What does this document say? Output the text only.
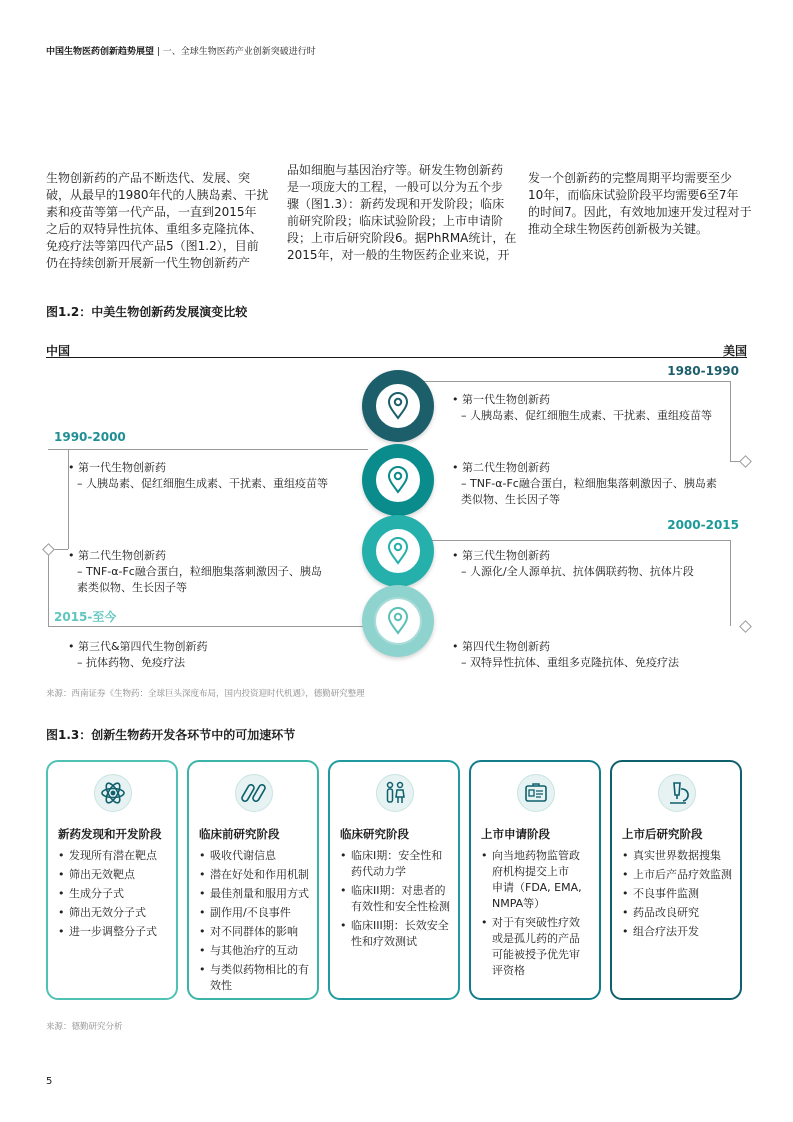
中国生物医药创新趋势展望 | 一、全球生物医药产业创新突破进行时
生物创新药的产品不断迭代、发展、突
破，从最早的1980年代的人胰岛素、干扰
素和疫苗等第一代产品，一直到2015年
之后的双特异性抗体、重组多克隆抗体、
免疫疗法等第四代产品5（图1.2），目前
仍在持续创新开展新一代生物创新药产
品如细胞与基因治疗等。研发生物创新药
是一项庞大的工程，一般可以分为五个步
骤（图1.3）：新药发现和开发阶段；临床
前研究阶段；临床试验阶段；上市申请阶
段；上市后研究阶段6。据PhRMA统计，在
2015年，对一般的生物医药企业来说，开
发一个创新药的完整周期平均需要至少
10年，而临床试验阶段平均需要6至7年
的时间7。因此，有效地加速开发过程对于
推动全球生物医药创新极为关键。
图1.2：中美生物创新药发展演变比较
中国	美国
1980-1990
1990-2000
2000-2015
2015-至今
• 第一代生物创新药
– 人胰岛素、促红细胞生成素、干扰素、重组疫苗等
• 第二代生物创新药
– TNF-α-Fc融合蛋白，粒细胞集落刺激因子、胰岛素
类似物、生长因子等
• 第三代生物创新药
– 人源化/全人源单抗、抗体偶联药物、抗体片段
• 第四代生物创新药
– 双特异性抗体、重组多克隆抗体、免疫疗法
• 第一代生物创新药
– 人胰岛素、促红细胞生成素、干扰素、重组疫苗等
• 第二代生物创新药
– TNF-α-Fc融合蛋白，粒细胞集落刺激因子、胰岛
素类似物、生长因子等
• 第三代&第四代生物创新药
– 抗体药物、免疫疗法
来源：西南证券《生物药：全球巨头深度布局，国内投资迎时代机遇》，德勤研究整理
图1.3：创新生物药开发各环节中的可加速环节
新药发现和开发阶段
• 发现所有潜在靶点
• 筛出无效靶点
• 生成分子式
• 筛出无效分子式
• 进一步调整分子式
临床前研究阶段
• 吸收代谢信息
• 潜在好处和作用机制
• 最佳剂量和服用方式
• 副作用/不良事件
• 对不同群体的影响
• 与其他治疗的互动
• 与类似药物相比的有
效性
临床研究阶段
• 临床I期：安全性和
药代动力学
• 临床II期：对患者的
有效性和安全性检测
• 临床III期：长效安全
性和疗效测试
上市申请阶段
• 向当地药物监管政
府机构提交上市
申请（FDA, EMA,
NMPA等）
• 对于有突破性疗效
或是孤儿药的产品
可能被授予优先审
评资格
上市后研究阶段
• 真实世界数据搜集
• 上市后产品疗效监测
• 不良事件监测
• 药品改良研究
• 组合疗法开发
来源：德勤研究分析
5
